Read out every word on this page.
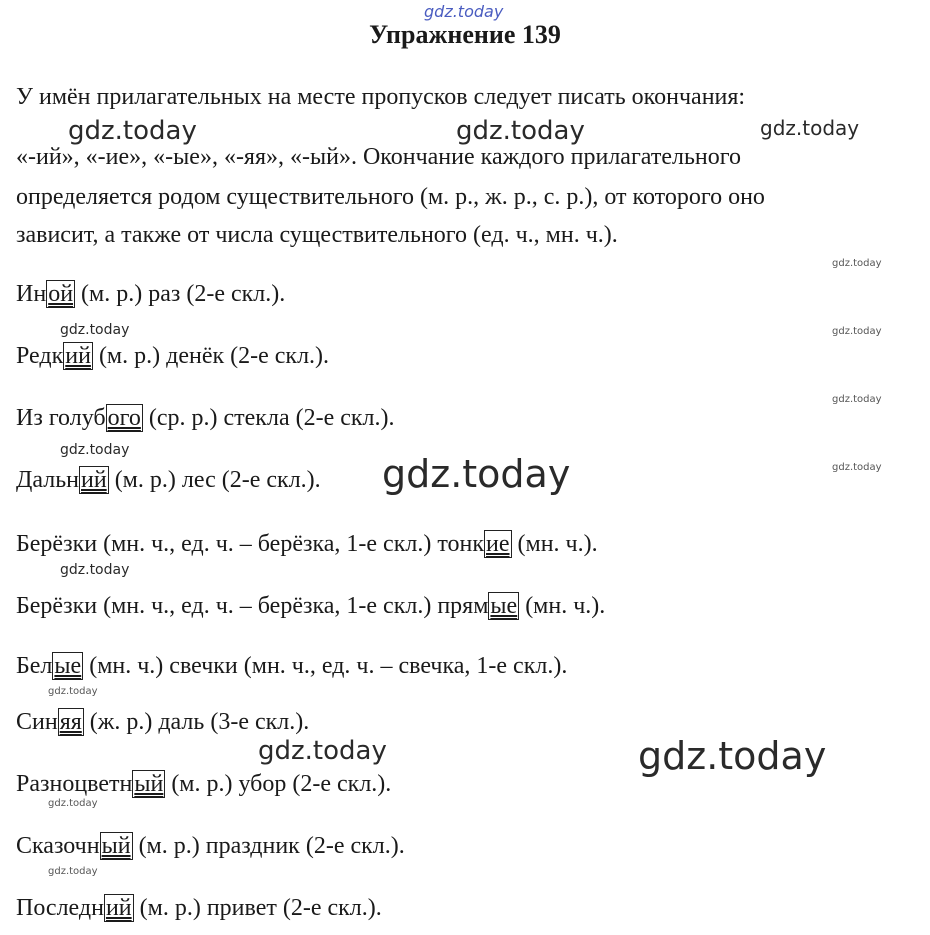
gdz.today
gdz.today	gdz.today	gdz.today
gdz.today
gdz.today	gdz.today
gdz.today
gdz.today
gdz.today	gdz.today
gdz.today
gdz.today
gdz.today	gdz.today
gdz.today
gdz.today
Упражнение 139
У имён прилагательных на месте пропусков следует писать окончания:
«-ий», «-ие», «-ые», «-яя», «-ый». Окончание каждого прилагательного
определяется родом существительного (м. р., ж. р., с. р.), от которого оно
зависит, а также от числа существительного (ед. ч., мн. ч.).
Иной (м. р.) раз (2-е скл.).
Редкий (м. р.) денёк (2-е скл.).
Из голубого (ср. р.) стекла (2-е скл.).
Дальний (м. р.) лес (2-е скл.).
Берёзки (мн. ч., ед. ч. – берёзка, 1-е скл.) тонкие (мн. ч.).
Берёзки (мн. ч., ед. ч. – берёзка, 1-е скл.) прямые (мн. ч.).
Белые (мн. ч.) свечки (мн. ч., ед. ч. – свечка, 1-е скл.).
Синяя (ж. р.) даль (3-е скл.).
Разноцветный (м. р.) убор (2-е скл.).
Сказочный (м. р.) праздник (2-е скл.).
Последний (м. р.) привет (2-е скл.).
